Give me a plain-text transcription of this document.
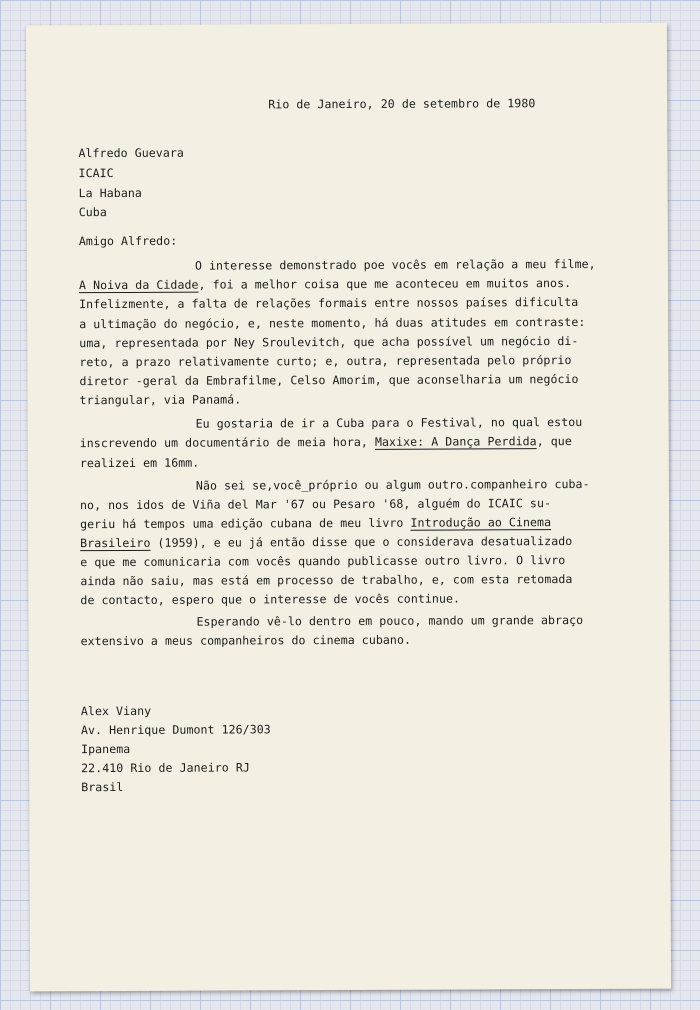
Rio de Janeiro, 20 de setembro de 1980
Alfredo Guevara
ICAIC
La Habana
Cuba
Amigo Alfredo:
O interesse demonstrado poe vocês em relação a meu filme,
A Noiva da Cidade, foi a melhor coisa que me aconteceu em muitos anos.
Infelizmente, a falta de relações formais entre nossos países dificulta
a ultimação do negócio, e, neste momento, há duas atitudes em contraste:
uma, representada por Ney Sroulevitch, que acha possível um negócio di-
reto, a prazo relativamente curto; e, outra, representada pelo próprio
diretor -geral da Embrafilme, Celso Amorim, que aconselharia um negócio
triangular, via Panamá.
Eu gostaria de ir a Cuba para o Festival, no qual estou
inscrevendo um documentário de meia hora, Maxixe: A Dança Perdida, que
realizei em 16mm.
Não sei se,você_próprio ou algum outro.companheiro cuba-
no, nos idos de Viña del Mar '67 ou Pesaro '68, alguém do ICAIC su-
geriu há tempos uma edição cubana de meu livro Introdução ao Cinema
Brasileiro (1959), e eu já então disse que o considerava desatualizado
e que me comunicaria com vocês quando publicasse outro livro. O livro
ainda não saiu, mas está em processo de trabalho, e, com esta retomada
de contacto, espero que o interesse de vocês continue.
Esperando vê-lo dentro em pouco, mando um grande abraço
extensivo a meus companheiros do cinema cubano.
Alex Viany
Av. Henrique Dumont 126/303
Ipanema
22.410 Rio de Janeiro RJ
Brasil
